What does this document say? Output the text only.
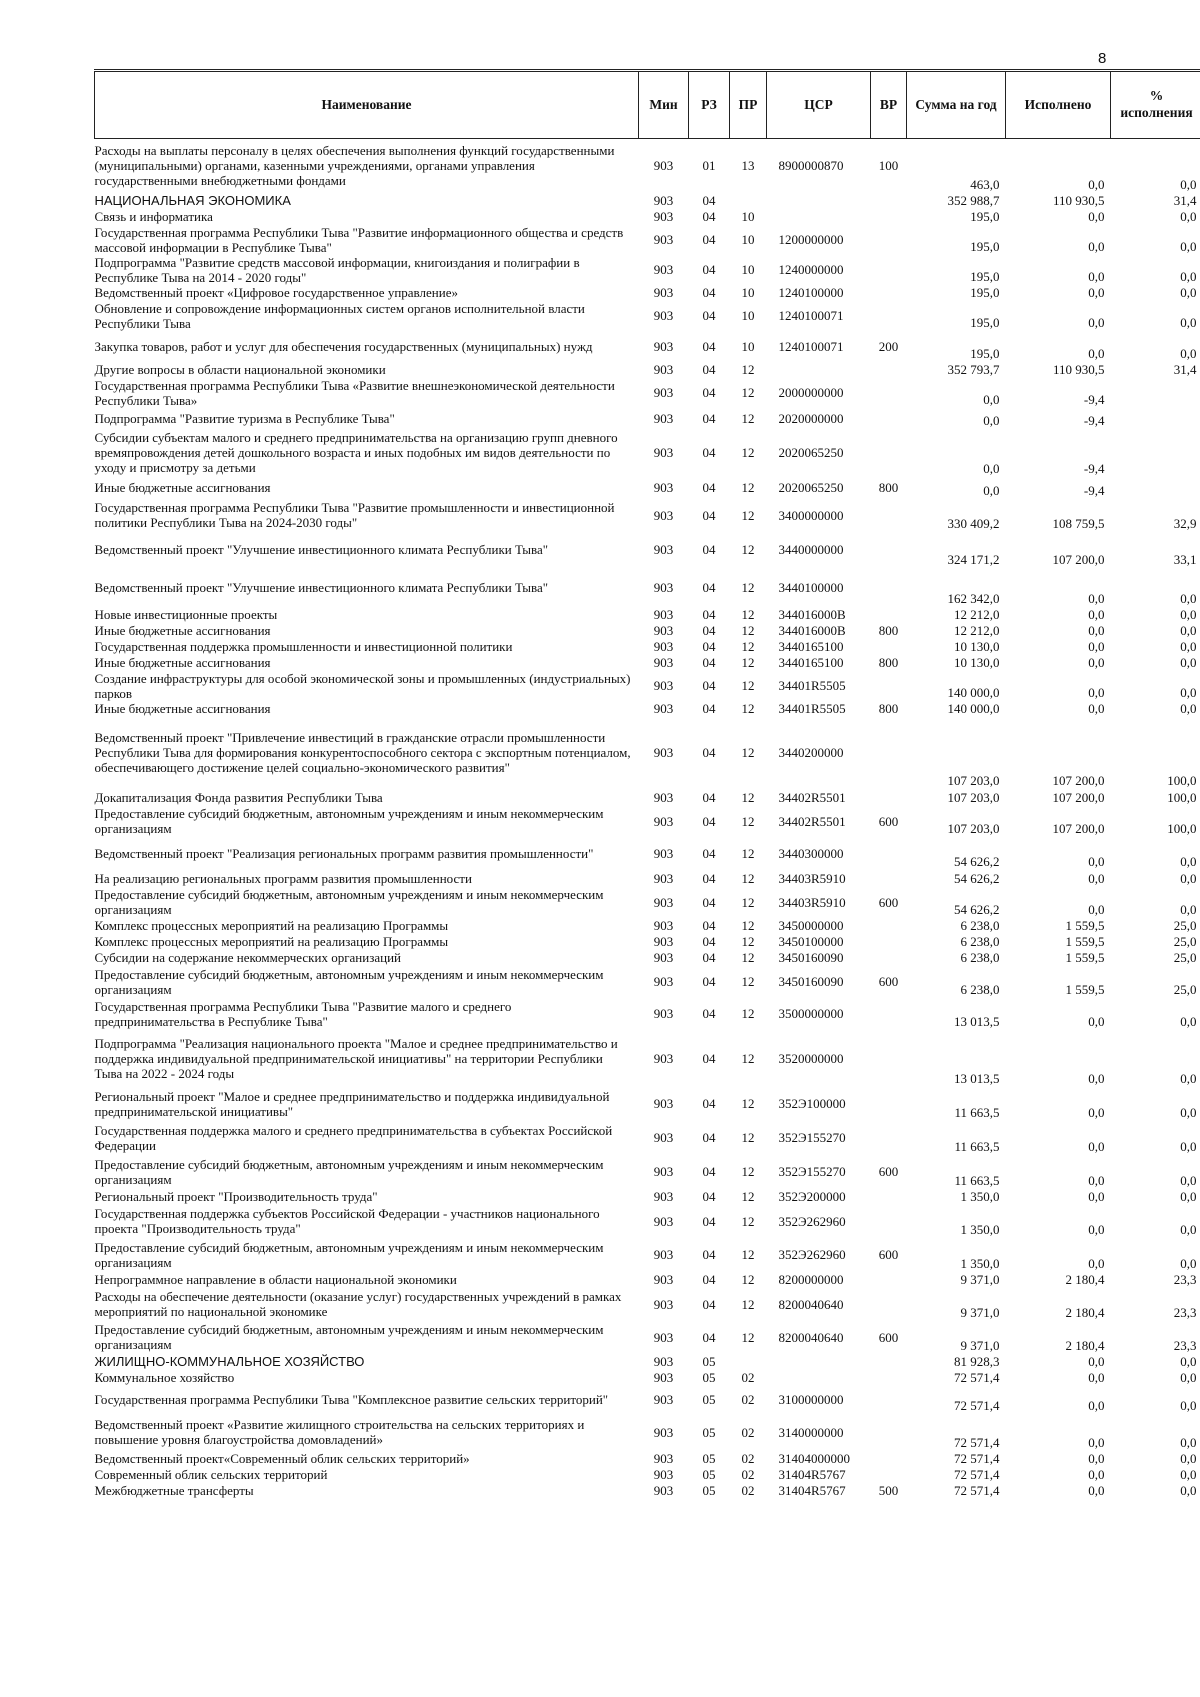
8
Наименование	Мин	РЗ	ПР	ЦСР	ВР	Сумма на год	Исполнено	% исполнения
Расходы на выплаты персоналу в целях обеспечения выполнения функций государственными (муниципальными) органами, казенными учреждениями, органами управления государственными внебюджетными фондами	903	01	13	8900000870	100	463,0	0,0	0,0
НАЦИОНАЛЬНАЯ ЭКОНОМИКА	903	04				352 988,7	110 930,5	31,4
Связь и информатика	903	04	10			195,0	0,0	0,0
Государственная программа Республики Тыва "Развитие информационного общества и средств массовой информации в Республике Тыва"	903	04	10	1200000000		195,0	0,0	0,0
Подпрограмма "Развитие средств массовой информации, книгоиздания и полиграфии в Республике Тыва на 2014 - 2020 годы"	903	04	10	1240000000		195,0	0,0	0,0
Ведомственный проект «Цифровое государственное управление»	903	04	10	1240100000		195,0	0,0	0,0
Обновление и сопровождение информационных систем органов исполнительной власти Республики Тыва	903	04	10	1240100071		195,0	0,0	0,0
Закупка товаров, работ и услуг для обеспечения государственных (муниципальных) нужд	903	04	10	1240100071	200	195,0	0,0	0,0
Другие вопросы в области национальной экономики	903	04	12			352 793,7	110 930,5	31,4
Государственная программа Республики Тыва «Развитие внешнеэкономической деятельности Республики Тыва»	903	04	12	2000000000		0,0	-9,4	
Подпрограмма "Развитие туризма в Республике Тыва"	903	04	12	2020000000		0,0	-9,4	
Субсидии субъектам малого и среднего предпринимательства на организацию групп дневного времяпровождения детей дошкольного возраста и иных подобных им видов деятельности по уходу и присмотру за детьми	903	04	12	2020065250		0,0	-9,4	
Иные бюджетные ассигнования	903	04	12	2020065250	800	0,0	-9,4	
Государственная программа Республики Тыва "Развитие промышленности и инвестиционной политики Республики Тыва на 2024-2030 годы"	903	04	12	3400000000		330 409,2	108 759,5	32,9
Ведомственный проект "Улучшение инвестиционного климата Республики Тыва"	903	04	12	3440000000		324 171,2	107 200,0	33,1
Ведомственный проект "Улучшение инвестиционного климата Республики Тыва"	903	04	12	3440100000		162 342,0	0,0	0,0
Новые инвестиционные проекты	903	04	12	344016000В		12 212,0	0,0	0,0
Иные бюджетные ассигнования	903	04	12	344016000В	800	12 212,0	0,0	0,0
Государственная поддержка промышленности и инвестиционной политики	903	04	12	3440165100		10 130,0	0,0	0,0
Иные бюджетные ассигнования	903	04	12	3440165100	800	10 130,0	0,0	0,0
Создание инфраструктуры для особой экономической зоны и промышленных (индустриальных) парков	903	04	12	34401R5505		140 000,0	0,0	0,0
Иные бюджетные ассигнования	903	04	12	34401R5505	800	140 000,0	0,0	0,0
Ведомственный проект "Привлечение инвестиций в гражданские отрасли промышленности Республики Тыва для формирования конкурентоспособного сектора с экспортным потенциалом, обеспечивающего достижение целей социально-экономического развития"	903	04	12	3440200000		107 203,0	107 200,0	100,0
Докапитализация Фонда развития Республики Тыва	903	04	12	34402R5501		107 203,0	107 200,0	100,0
Предоставление субсидий бюджетным, автономным учреждениям и иным некоммерческим организациям	903	04	12	34402R5501	600	107 203,0	107 200,0	100,0
Ведомственный проект "Реализация региональных программ развития промышленности"	903	04	12	3440300000		54 626,2	0,0	0,0
На реализацию региональных программ развития промышленности	903	04	12	34403R5910		54 626,2	0,0	0,0
Предоставление субсидий бюджетным, автономным учреждениям и иным некоммерческим организациям	903	04	12	34403R5910	600	54 626,2	0,0	0,0
Комплекс процессных мероприятий на реализацию Программы	903	04	12	3450000000		6 238,0	1 559,5	25,0
Комплекс процессных мероприятий на реализацию Программы	903	04	12	3450100000		6 238,0	1 559,5	25,0
Субсидии на содержание некоммерческих организаций	903	04	12	3450160090		6 238,0	1 559,5	25,0
Предоставление субсидий бюджетным, автономным учреждениям и иным некоммерческим организациям	903	04	12	3450160090	600	6 238,0	1 559,5	25,0
Государственная программа Республики Тыва "Развитие малого и среднего предпринимательства в Республике Тыва"	903	04	12	3500000000		13 013,5	0,0	0,0
Подпрограмма "Реализация национального проекта "Малое и среднее предпринимательство и поддержка индивидуальной предпринимательской инициативы" на территории Республики Тыва на 2022 - 2024 годы	903	04	12	3520000000		13 013,5	0,0	0,0
Региональный проект "Малое и среднее предпринимательство и поддержка индивидуальной предпринимательской инициативы"	903	04	12	352Э100000		11 663,5	0,0	0,0
Государственная поддержка малого и среднего предпринимательства в субъектах Российской Федерации	903	04	12	352Э155270		11 663,5	0,0	0,0
Предоставление субсидий бюджетным, автономным учреждениям и иным некоммерческим организациям	903	04	12	352Э155270	600	11 663,5	0,0	0,0
Региональный проект "Производительность труда"	903	04	12	352Э200000		1 350,0	0,0	0,0
Государственная поддержка субъектов Российской Федерации - участников национального проекта "Производительность труда"	903	04	12	352Э262960		1 350,0	0,0	0,0
Предоставление субсидий бюджетным, автономным учреждениям и иным некоммерческим организациям	903	04	12	352Э262960	600	1 350,0	0,0	0,0
Непрограммное направление в области национальной экономики	903	04	12	8200000000		9 371,0	2 180,4	23,3
Расходы на обеспечение деятельности (оказание услуг) государственных учреждений в рамках мероприятий по национальной экономике	903	04	12	8200040640		9 371,0	2 180,4	23,3
Предоставление субсидий бюджетным, автономным учреждениям и иным некоммерческим организациям	903	04	12	8200040640	600	9 371,0	2 180,4	23,3
ЖИЛИЩНО-КОММУНАЛЬНОЕ ХОЗЯЙСТВО	903	05				81 928,3	0,0	0,0
Коммунальное хозяйство	903	05	02			72 571,4	0,0	0,0
Государственная программа Республики Тыва "Комплексное развитие сельских территорий"	903	05	02	3100000000		72 571,4	0,0	0,0
Ведомственный проект «Развитие жилищного строительства на сельских территориях и повышение уровня благоустройства домовладений»	903	05	02	3140000000		72 571,4	0,0	0,0
Ведомственный проект«Современный облик сельских территорий»	903	05	02	31404000000		72 571,4	0,0	0,0
Современный облик сельских территорий	903	05	02	31404R5767		72 571,4	0,0	0,0
Межбюджетные трансферты	903	05	02	31404R5767	500	72 571,4	0,0	0,0
